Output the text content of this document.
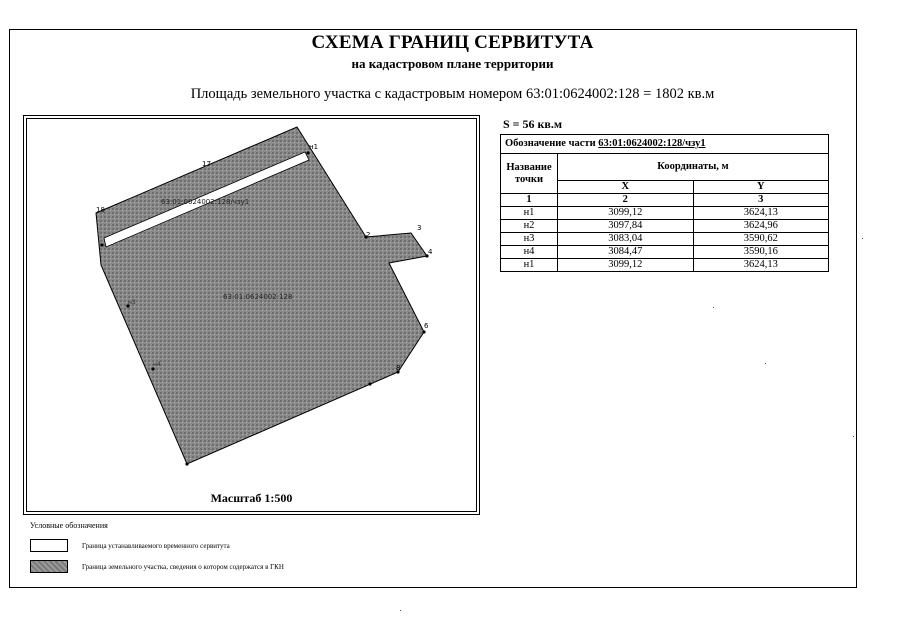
СХЕМА ГРАНИЦ СЕРВИТУТА
на кадастровом плане территории
Площадь земельного участка с кадастровым номером 63:01:0624002:128 = 1802 кв.м
17
18
н1
н2
2
3
4
6
8
н3
н4
63:01:0624002:128/чзу1
63:01:0624002:128
Масштаб 1:500
S = 56 кв.м
Обозначение части 63:01:0624002:128/чзу1		
Название точки	Координаты, м	
	X	Y
1	2	3
н1	3099,12	3624,13
н2	3097,84	3624,96
н3	3083,04	3590,62
н4	3084,47	3590,16
н1	3099,12	3624,13
Условные обозначения
Граница устанавливаемого временного сервитута
Граница земельного участка, сведения о котором содержатся в ГКН
